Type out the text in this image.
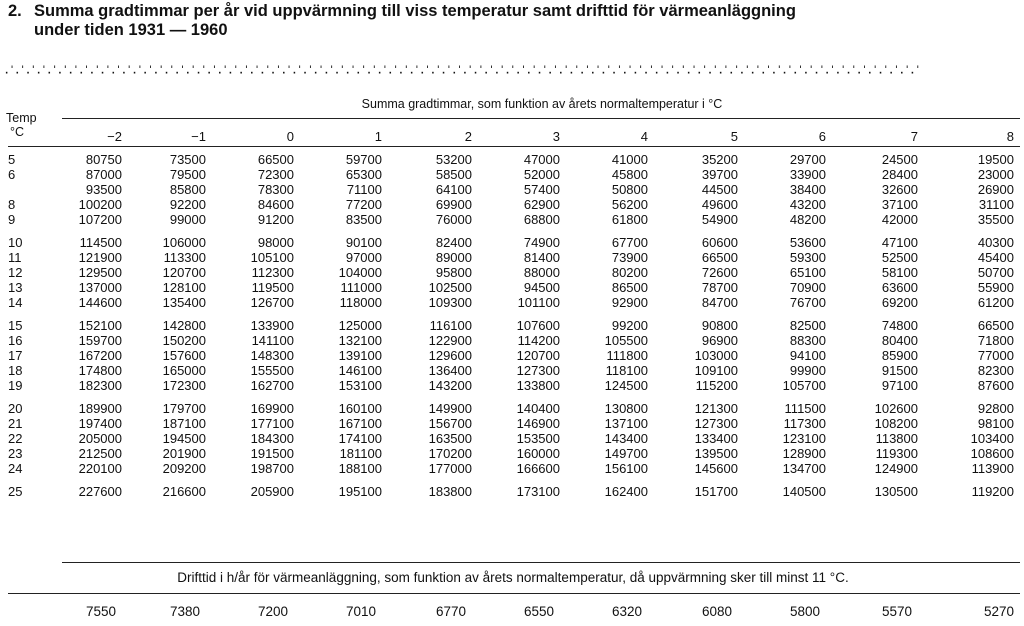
2. Summa gradtimmar per år vid uppvärmning till viss temperatur samt drifttid för värmeanläggning
under tiden 1931 — 1960
·ˈ·ˈ·ˈ·ˈ·ˈ·ˈ·ˈ·ˈ·ˈ·ˈ·ˈ·ˈ·ˈ·ˈ·ˈ·ˈ·ˈ·ˈ·ˈ·ˈ·ˈ·ˈ·ˈ·ˈ·ˈ·ˈ·ˈ·ˈ·ˈ·ˈ·ˈ·ˈ·ˈ·ˈ·ˈ·ˈ·ˈ·ˈ·ˈ·ˈ·ˈ·ˈ·ˈ·ˈ·ˈ·ˈ·ˈ·ˈ·ˈ·ˈ·ˈ·ˈ·ˈ·ˈ·ˈ·ˈ·ˈ·ˈ·ˈ·ˈ·ˈ·ˈ·ˈ·ˈ·ˈ·ˈ·ˈ·ˈ·ˈ·ˈ·ˈ·ˈ·ˈ·ˈ·ˈ·ˈ·ˈ·ˈ·ˈ·ˈ·ˈ·ˈ·ˈ·ˈ·ˈ·ˈ
Temp
°C
Summa gradtimmar, som funktion av årets normaltemperatur i °C
	−2	−1	0	1	2	3	4	5	6	7	8
5	80750	73500	66500	59700	53200	47000	41000	35200	29700	24500	19500
6	87000	79500	72300	65300	58500	52000	45800	39700	33900	28400	23000
	93500	85800	78300	71100	64100	57400	50800	44500	38400	32600	26900
8	100200	92200	84600	77200	69900	62900	56200	49600	43200	37100	31100
9	107200	99000	91200	83500	76000	68800	61800	54900	48200	42000	35500
10	114500	106000	98000	90100	82400	74900	67700	60600	53600	47100	40300
11	121900	113300	105100	97000	89000	81400	73900	66500	59300	52500	45400
12	129500	120700	112300	104000	95800	88000	80200	72600	65100	58100	50700
13	137000	128100	119500	111000	102500	94500	86500	78700	70900	63600	55900
14	144600	135400	126700	118000	109300	101100	92900	84700	76700	69200	61200
15	152100	142800	133900	125000	116100	107600	99200	90800	82500	74800	66500
16	159700	150200	141100	132100	122900	114200	105500	96900	88300	80400	71800
17	167200	157600	148300	139100	129600	120700	111800	103000	94100	85900	77000
18	174800	165000	155500	146100	136400	127300	118100	109100	99900	91500	82300
19	182300	172300	162700	153100	143200	133800	124500	115200	105700	97100	87600
20	189900	179700	169900	160100	149900	140400	130800	121300	111500	102600	92800
21	197400	187100	177100	167100	156700	146900	137100	127300	117300	108200	98100
22	205000	194500	184300	174100	163500	153500	143400	133400	123100	113800	103400
23	212500	201900	191500	181100	170200	160000	149700	139500	128900	119300	108600
24	220100	209200	198700	188100	177000	166600	156100	145600	134700	124900	113900
25	227600	216600	205900	195100	183800	173100	162400	151700	140500	130500	119200
Drifttid i h/år för värmeanläggning, som funktion av årets normaltemperatur, då uppvärmning sker till minst 11 °C.
	7550	7380	7200	7010	6770	6550	6320	6080	5800	5570	5270
